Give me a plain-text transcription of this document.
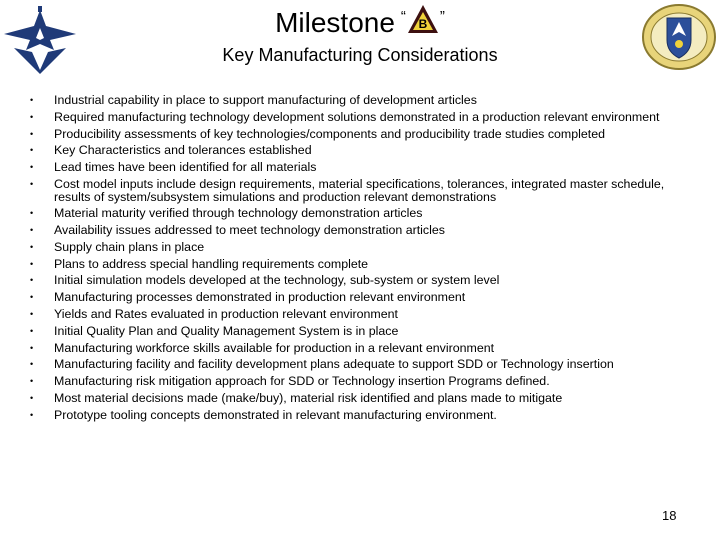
Milestone “ B ”
Key Manufacturing Considerations
• Industrial capability in place to support manufacturing of development articles
• Required manufacturing technology development solutions demonstrated in a production relevant environment
• Producibility assessments of key technologies/components and producibility trade studies completed
• Key Characteristics and tolerances established
• Lead times have been identified for all materials
• Cost model inputs include design requirements, material specifications, tolerances, integrated master schedule, results of system/subsystem simulations and production relevant demonstrations
• Material maturity verified through technology demonstration articles
• Availability issues addressed to meet technology demonstration articles
• Supply chain plans in place
• Plans to address special handling requirements complete
• Initial simulation models developed at the technology, sub-system or system level
• Manufacturing processes demonstrated in production relevant environment
• Yields and Rates evaluated in production relevant environment
• Initial Quality Plan and Quality Management System is in place
• Manufacturing workforce skills available for production in a relevant environment
• Manufacturing facility and facility development plans adequate to support SDD or Technology insertion
• Manufacturing risk mitigation approach for SDD or Technology insertion Programs defined.
• Most material decisions made (make/buy), material risk identified and plans made to mitigate
• Prototype tooling concepts demonstrated in relevant manufacturing environment.
18
